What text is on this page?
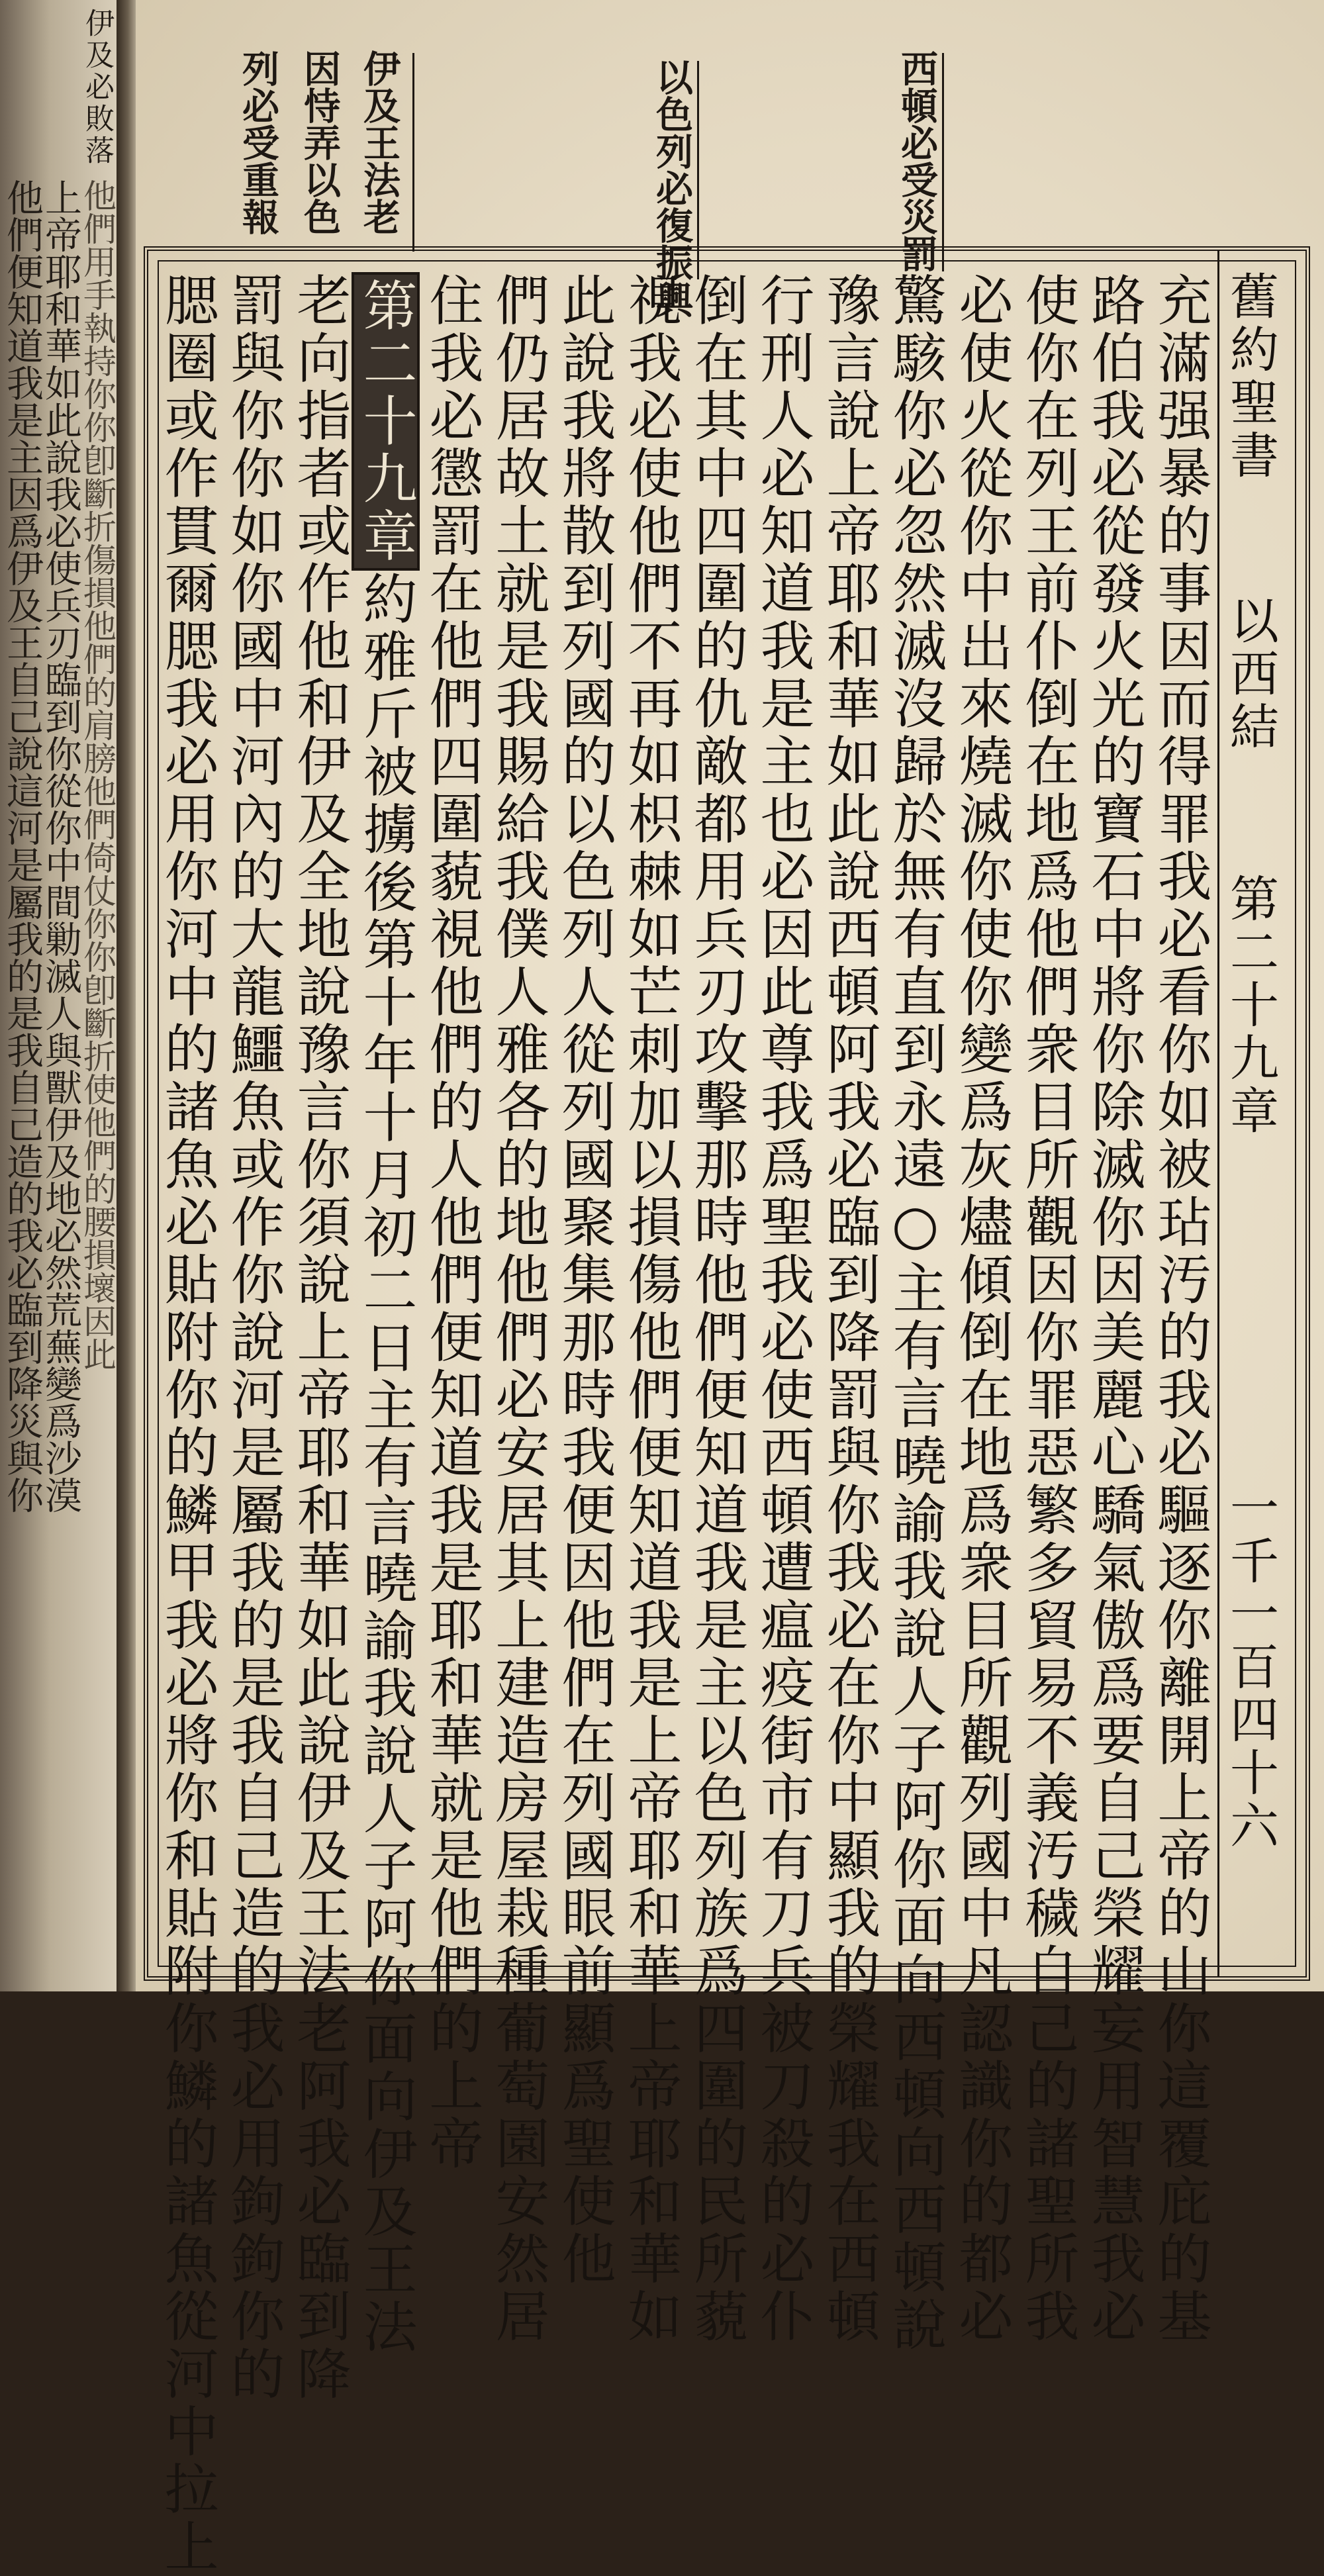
伊及必敗落
他們用手執持你你卽斷折傷損他們的肩膀他們倚仗你你卽斷折使他們的腰損壞因此
上帝耶和華如此說我必使兵刃臨到你從你中間勦滅人與獸伊及地必然荒蕪變爲沙漠
他們便知道我是主因爲伊及王自己說這河是屬我的是我自己造的我必臨到降災與你
西頓必受災罰
以色列必復振興
伊及王法老
因恃弄以色
列必受重報
舊約聖書
以西結
第二十九章
一千一百四十六
充滿强暴的事因而得罪我必看你如被玷汚的我必驅逐你離開上帝的山你這覆庇的基
路伯我必從發火光的寶石中將你除滅你因美麗心驕氣傲爲要自己榮耀妄用智慧我必
使你在列王前仆倒在地爲他們衆目所觀因你罪惡繁多貿易不義汚穢自己的諸聖所我
必使火從你中出來燒滅你使你變爲灰燼傾倒在地爲衆目所觀列國中凡認識你的都必
驚駭你必忽然滅沒歸於無有直到永遠○主有言曉諭我說人子阿你面向西頓向西頓說
豫言說上帝耶和華如此說西頓阿我必臨到降罰與你我必在你中顯我的榮耀我在西頓
行刑人必知道我是主也必因此尊我爲聖我必使西頓遭瘟疫街市有刀兵被刀殺的必仆
倒在其中四圍的仇敵都用兵刃攻擊那時他們便知道我是主以色列族爲四圍的民所藐
視我必使他們不再如枳棘如芒刺加以損傷他們便知道我是上帝耶和華上帝耶和華如
此說我將散到列國的以色列人從列國聚集那時我便因他們在列國眼前顯爲聖使他
們仍居故土就是我賜給我僕人雅各的地他們必安居其上建造房屋栽種葡萄園安然居
住我必懲罰在他們四圍藐視他們的人他們便知道我是耶和華就是他們的上帝
第二十九章約雅斤被擄後第十年十月初二日主有言曉諭我說人子阿你面向伊及王法
老向指者或作他和伊及全地說豫言你須說上帝耶和華如此說伊及王法老阿我必臨到降
罰與你你如你國中河內的大龍鱷魚或作你說河是屬我的是我自己造的我必用鉤鉤你的
腮圈或作貫爾腮我必用你河中的諸魚必貼附你的鱗甲我必將你和貼附你鱗的諸魚從河中拉上
